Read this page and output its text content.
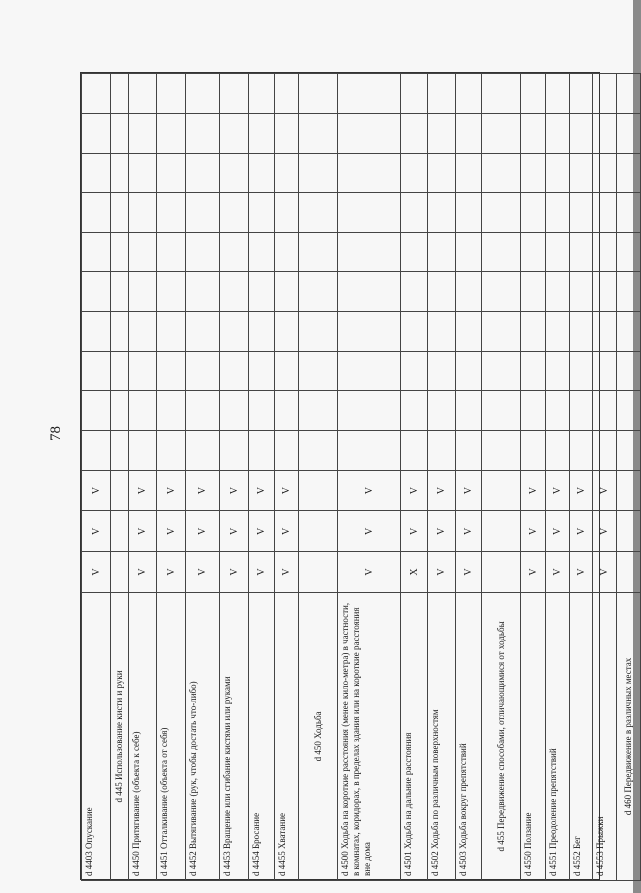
78
d 4403 Опускание	V	V	V										
d 445 Использование кисти и руки													
d 4450 Притягивание (объекта к себе)	V	V	V										
d 4451 Отталкивание (объекта от себя)	V	V	V										
d 4452 Вытягивание (рук, чтобы достать что-либо)	V	V	V										
d 4453 Вращение или сгибание кистями или руками	V	V	V										
d 4454 Бросание	V	V	V										
d 4455 Хватание	V	V	V										
d 450 Ходьба													
d 4500 Ходьба на короткие расстояния (менее кило-метра) в частности, в комнатах, коридорах, в пределах здания или на короткие расстояния вне дома	V	V	V										
d 4501 Ходьба на дальние расстояния	X	V	V										
d 4502 Ходьба по различным поверхностям	V	V	V										
d 4503 Ходьба вокруг препятствий	V	V	V										
d 455 Передвижение способами, отличающимися от ходьбы													
d 4550 Ползание	V	V	V										
d 4551 Преодоление препятствий	V	V	V										
d 4552 Бег	V	V	V										
d 4553 Прыжки	V	V	V										
d 460 Передвижение в различных местах													
